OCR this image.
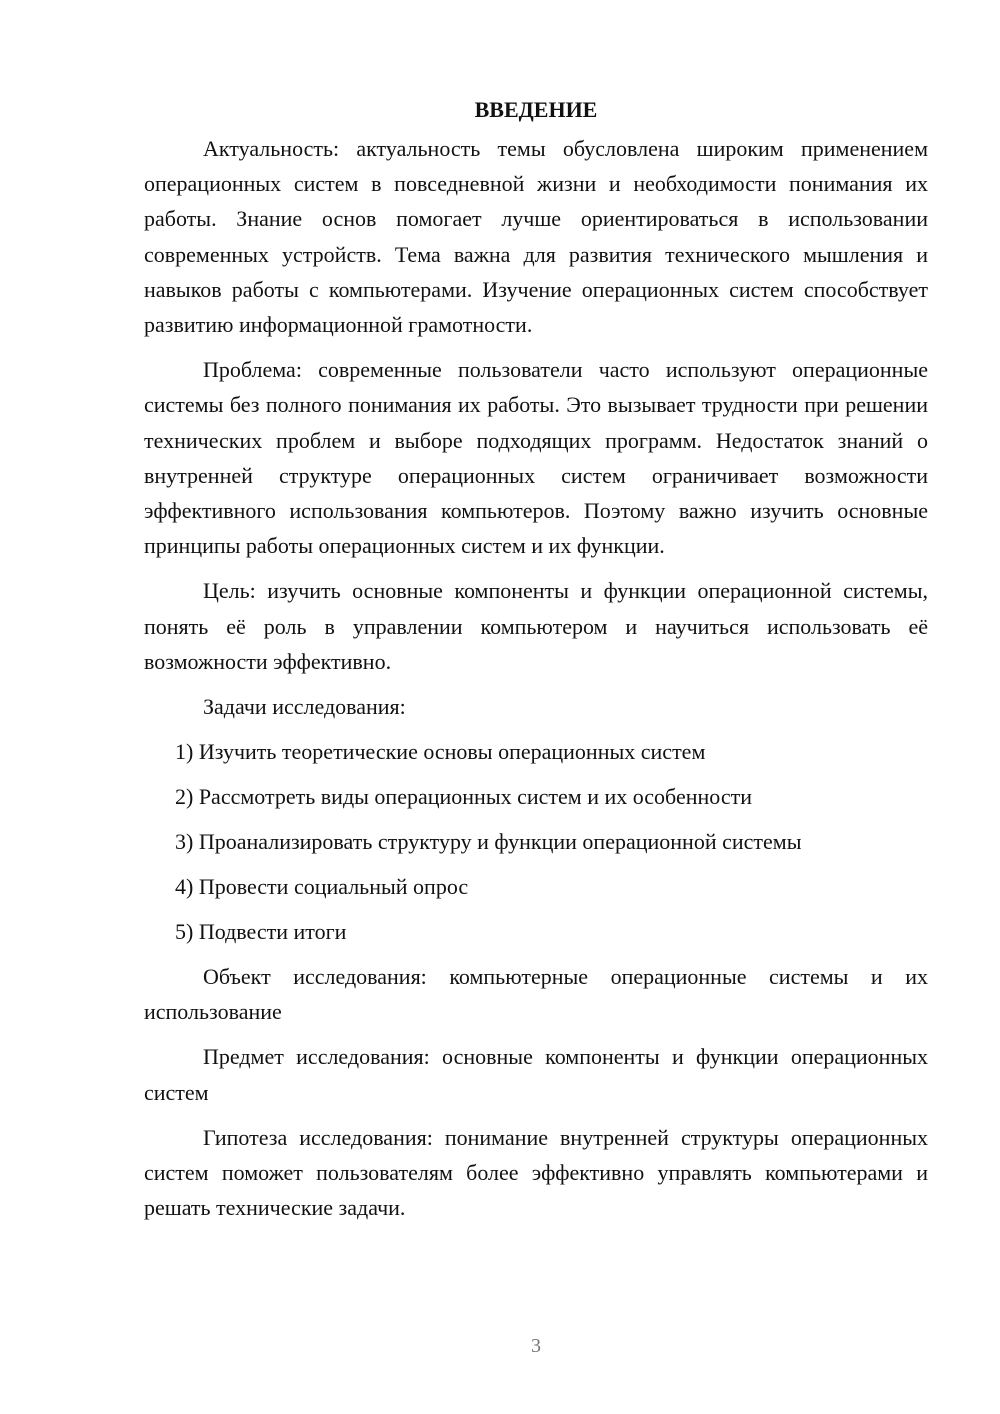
ВВЕДЕНИЕ

Актуальность: актуальность темы обусловлена широким применением операционных систем в повседневной жизни и необходимости понимания их работы. Знание основ помогает лучше ориентироваться в использовании современных устройств. Тема важна для развития технического мышления и навыков работы с компьютерами. Изучение операционных систем способствует развитию информационной грамотности.

Проблема: современные пользователи часто используют операционные системы без полного понимания их работы. Это вызывает трудности при решении технических проблем и выборе подходящих программ. Недостаток знаний о внутренней структуре операционных систем ограничивает возможности эффективного использования компьютеров. Поэтому важно изучить основные принципы работы операционных систем и их функции.

Цель: изучить основные компоненты и функции операционной системы, понять её роль в управлении компьютером и научиться использовать её возможности эффективно.

Задачи исследования:

1) Изучить теоретические основы операционных систем
2) Рассмотреть виды операционных систем и их особенности
3) Проанализировать структуру и функции операционной системы
4) Провести социальный опрос
5) Подвести итоги

Объект исследования: компьютерные операционные системы и их использование

Предмет исследования: основные компоненты и функции операционных систем

Гипотеза исследования: понимание внутренней структуры операционных систем поможет пользователям более эффективно управлять компьютерами и решать технические задачи.

3
